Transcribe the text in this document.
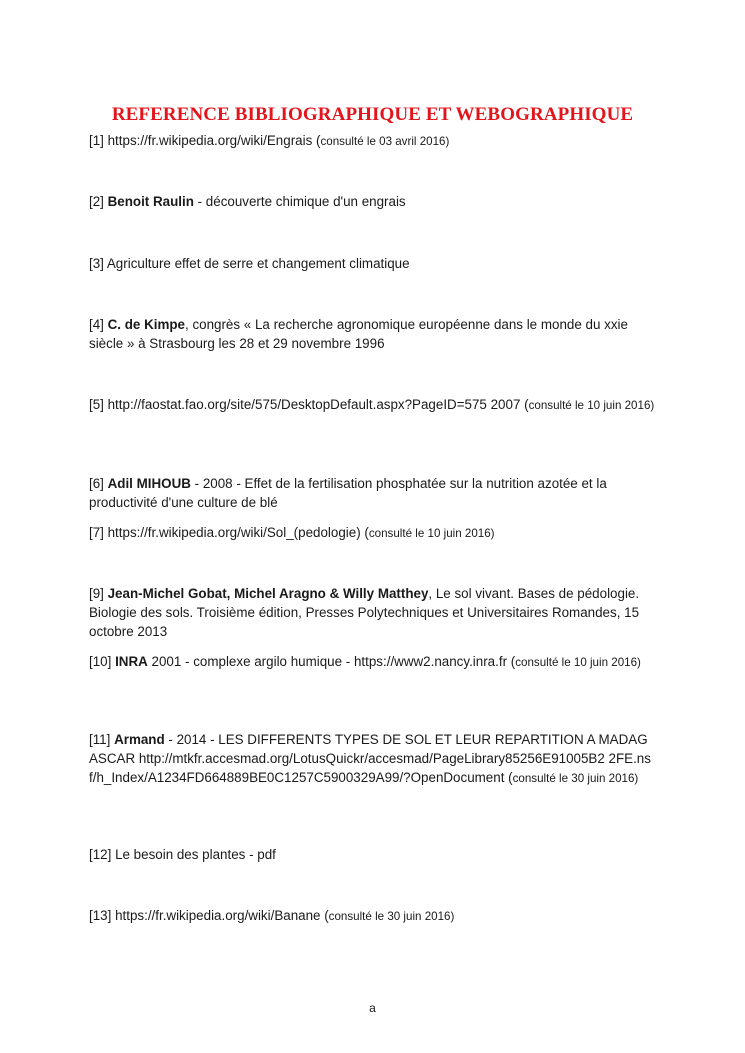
REFERENCE BIBLIOGRAPHIQUE ET WEBOGRAPHIQUE
[1] https://fr.wikipedia.org/wiki/Engrais (consulté le 03 avril 2016)
[2] Benoit Raulin - découverte chimique d'un engrais
[3] Agriculture effet de serre et changement climatique
[4] C. de Kimpe, congrès « La recherche agronomique européenne dans le monde du xxie siècle » à Strasbourg les 28 et 29 novembre 1996
[5] http://faostat.fao.org/site/575/DesktopDefault.aspx?PageID=575 2007 (consulté le 10 juin 2016)
[6] Adil MIHOUB - 2008 - Effet de la fertilisation phosphatée sur la nutrition azotée et la productivité d'une culture de blé
[7] https://fr.wikipedia.org/wiki/Sol_(pedologie) (consulté le 10 juin 2016)
[9] Jean-Michel Gobat, Michel Aragno & Willy Matthey, Le sol vivant. Bases de pédologie. Biologie des sols. Troisième édition, Presses Polytechniques et Universitaires Romandes, 15 octobre 2013
[10] INRA 2001 - complexe argilo humique - https://www2.nancy.inra.fr (consulté le 10 juin 2016)
[11] Armand - 2014 - LES DIFFERENTS TYPES DE SOL ET LEUR REPARTITION A MADAGASCAR http://mtkfr.accesmad.org/LotusQuickr/accesmad/PageLibrary85256E91005B2 2FE.nsf/h_Index/A1234FD664889BE0C1257C5900329A99/?OpenDocument (consulté le 30 juin 2016)
[12] Le besoin des plantes - pdf
[13] https://fr.wikipedia.org/wiki/Banane (consulté le 30 juin 2016)
a
